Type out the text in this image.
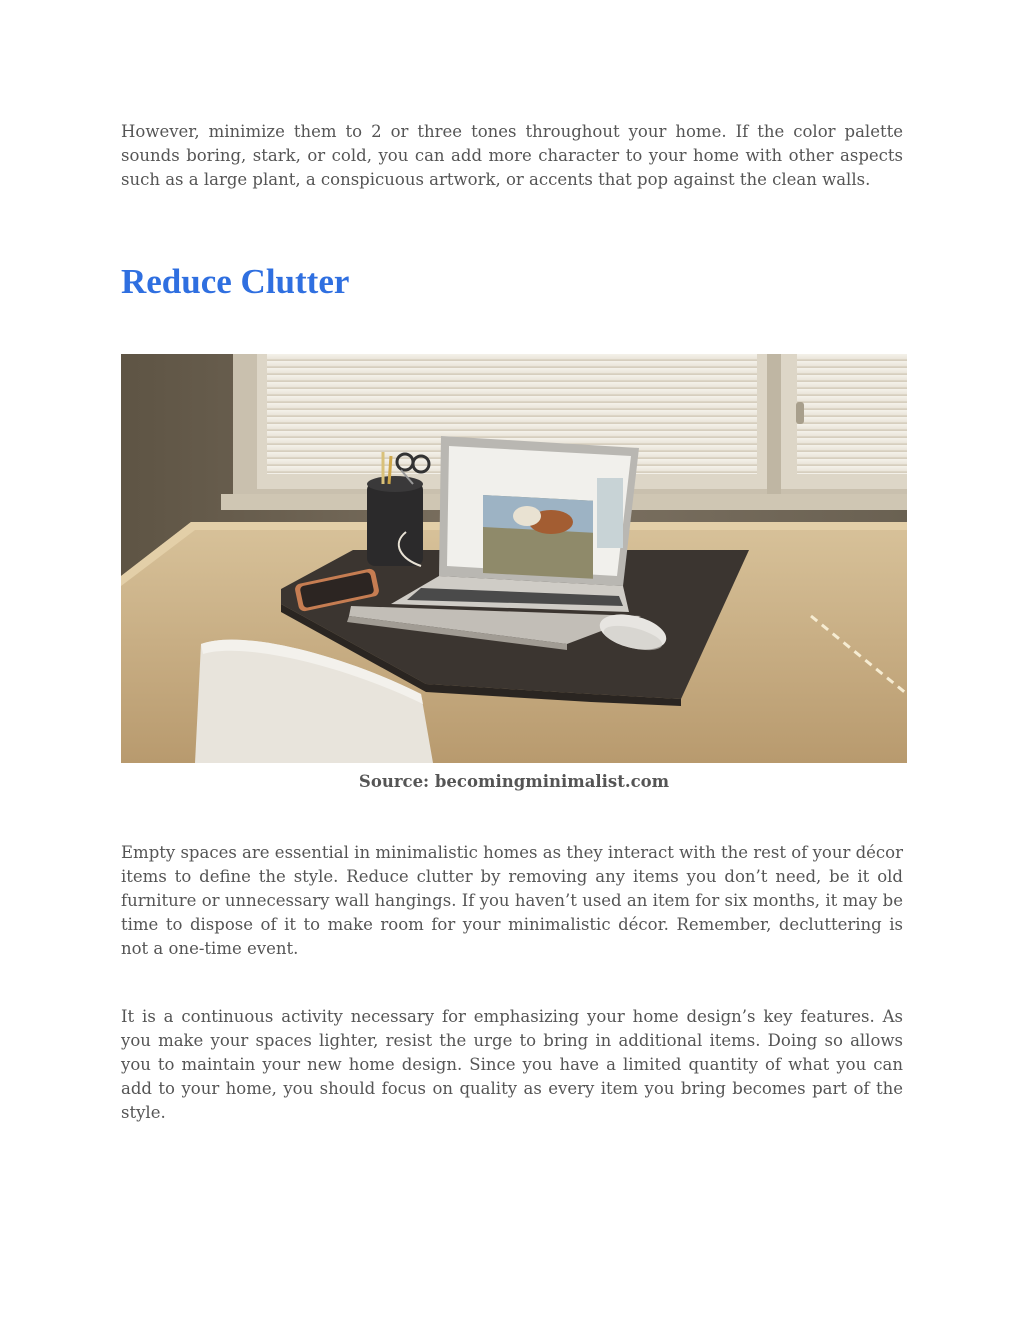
However, minimize them to 2 or three tones throughout your home. If the color palette sounds boring, stark, or cold, you can add more character to your home with other aspects such as a large plant, a conspicuous artwork, or accents that pop against the clean walls.

Reduce Clutter
Source: becomingminimalist.com

Empty spaces are essential in minimalistic homes as they interact with the rest of your décor items to define the style. Reduce clutter by removing any items you don’t need, be it old furniture or unnecessary wall hangings. If you haven’t used an item for six months, it may be time to dispose of it to make room for your minimalistic décor. Remember, decluttering is not a one-time event.

It is a continuous activity necessary for emphasizing your home design’s key features. As you make your spaces lighter, resist the urge to bring in additional items. Doing so allows you to maintain your new home design. Since you have a limited quantity of what you can add to your home, you should focus on quality as every item you bring becomes part of the style.
